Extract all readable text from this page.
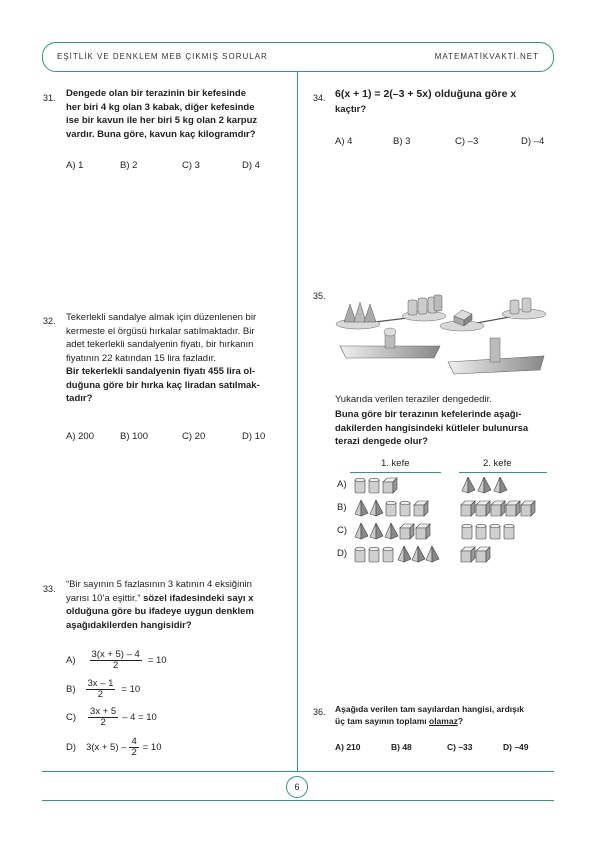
EŞİTLİK VE DENKLEM MEB ÇIKMIŞ SORULAR	MATEMATİKVAKTİ.NET
6
31. Dengede olan bir terazinin bir kefesinde
her biri 4 kg olan 3 kabak, diğer kefesinde
ise bir kavun ile her biri 5 kg olan 2 karpuz
vardır. Buna göre, kavun kaç kilogramdır?
A) 1	B) 2	C) 3	D) 4
32. Tekerlekli sandalye almak için düzenlenen bir
kermeste el örgüsü hırkalar satılmaktadır. Bir
adet tekerlekli sandalyenin fiyatı, bir hırkanın
fiyatının 22 katından 15 lira fazladır.
Bir tekerlekli sandalyenin fiyatı 455 lira ol-
duğuna göre bir hırka kaç liradan satılmak-
tadır?
A) 200	B) 100	C) 20	D) 10
33. “Bir sayının 5 fazlasının 3 katının 4 eksiğinin
yarısı 10’a eşittir.” sözel ifadesindeki sayı x
olduğuna göre bu ifadeye uygun denklem
aşağıdakilerden hangisidir?
$A) \frac{3(x + 5) - 4}{2} = 10$
$B) \frac{3x - 1}{2} = 10$
$C) \frac{3x + 5}{2} - 4 = 10$
D) $3(x + 5) - \frac{4}{2} = 10$
34. 6(x + 1) = 2(–3 + 5x) olduğuna göre x
kaçtır?
A) 4	B) 3	C) –3	D) –4
35.
Yukarıda verilen teraziler dengededir.
Buna göre bir terazının kefelerinde aşağı-
dakilerden hangisindeki kütleler bulunursa
terazi dengede olur?
1. kefe	2. kefe
A)
B)
C)
D)
36. Aşağıda verilen tam sayılardan hangisi, ardışık
üç tam sayının toplamı olamaz?
A) 210	B) 48	C) –33	D) –49
